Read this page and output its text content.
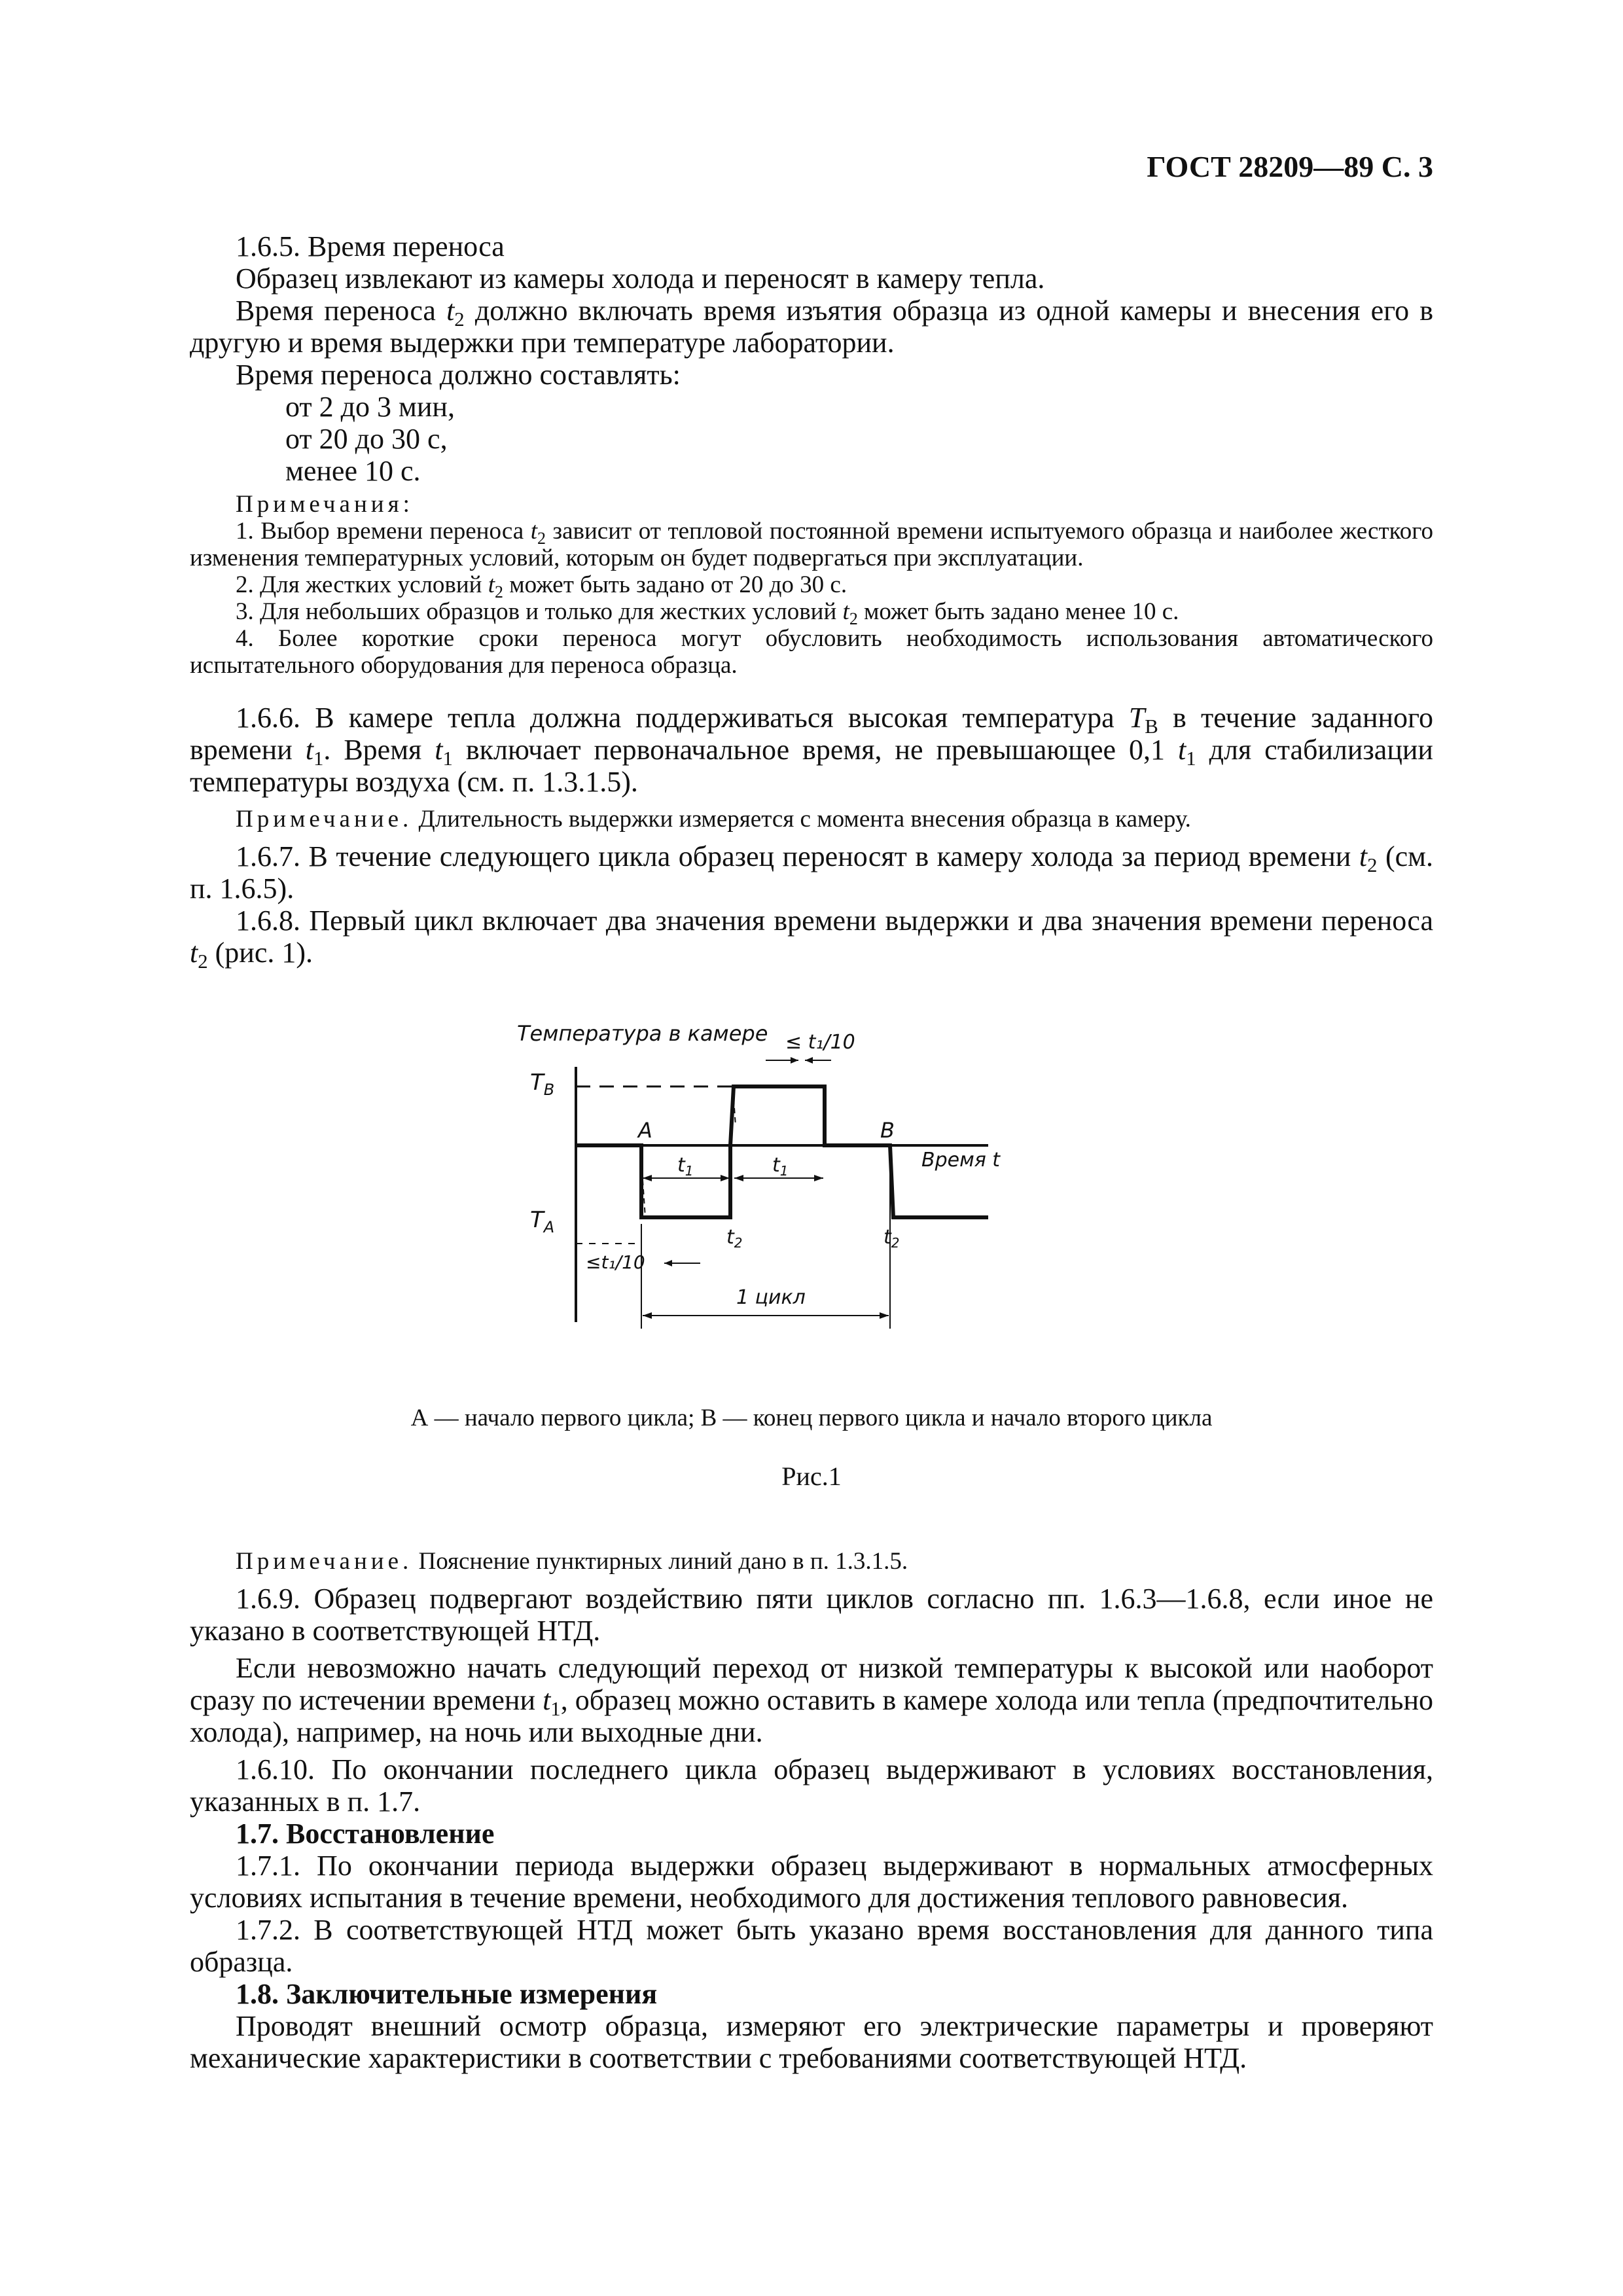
ГОСТ 28209—89 С. 3

1.6.5. Время переноса

Образец извлекают из камеры холода и переносят в камеру тепла.

Время переноса $t_2$ должно включать время изъятия образца из одной камеры и внесения его в другую и время выдержки при температуре лаборатории.

Время переноса должно составлять:

от 2 до 3 мин,

от 20 до 30 с,

менее 10 с.

Примечания:

1. Выбор времени переноса $t_2$ зависит от тепловой постоянной времени испытуемого образца и наиболее жесткого изменения температурных условий, которым он будет подвергаться при эксплуатации.

2. Для жестких условий $t_2$ может быть задано от 20 до 30 с.

3. Для небольших образцов и только для жестких условий $t_2$ может быть задано менее 10 с.

4. Более короткие сроки переноса могут обусловить необходимость использования автоматического испытательного оборудования для переноса образца.

1.6.6. В камере тепла должна поддерживаться высокая температура $T_В$ в течение заданного времени $t_1$. Время $t_1$ включает первоначальное время, не превышающее 0,1 $t_1$ для стабилизации температуры воздуха (см. п. 1.3.1.5).

Примечание. Длительность выдержки измеряется с момента внесения образца в камеру.

1.6.7. В течение следующего цикла образец переносят в камеру холода за период времени $t_2$ (см. п. 1.6.5).

1.6.8. Первый цикл включает два значения времени выдержки и два значения времени переноса $t_2$ (рис. 1).

Температура в камере ≤ t₁/10
$T_В$
$T_А$
Время t
A	B
$t_1$	$t_1$
$t_2$	$t_2$
≤t₁/10
1 цикл
А — начало первого цикла; В — конец первого цикла и начало второго цикла
Рис.1

Примечание. Пояснение пунктирных линий дано в п. 1.3.1.5.

1.6.9. Образец подвергают воздействию пяти циклов согласно пп. 1.6.3—1.6.8, если иное не указано в соответствующей НТД.

Если невозможно начать следующий переход от низкой температуры к высокой или наоборот сразу по истечении времени $t_1$, образец можно оставить в камере холода или тепла (предпочтительно холода), например, на ночь или выходные дни.

1.6.10. По окончании последнего цикла образец выдерживают в условиях восстановления, указанных в п. 1.7.

1.7. Восстановление

1.7.1. По окончании периода выдержки образец выдерживают в нормальных атмосферных условиях испытания в течение времени, необходимого для достижения теплового равновесия.

1.7.2. В соответствующей НТД может быть указано время восстановления для данного типа образца.

1.8. Заключительные измерения

Проводят внешний осмотр образца, измеряют его электрические параметры и проверяют механические характеристики в соответствии с требованиями соответствующей НТД.
